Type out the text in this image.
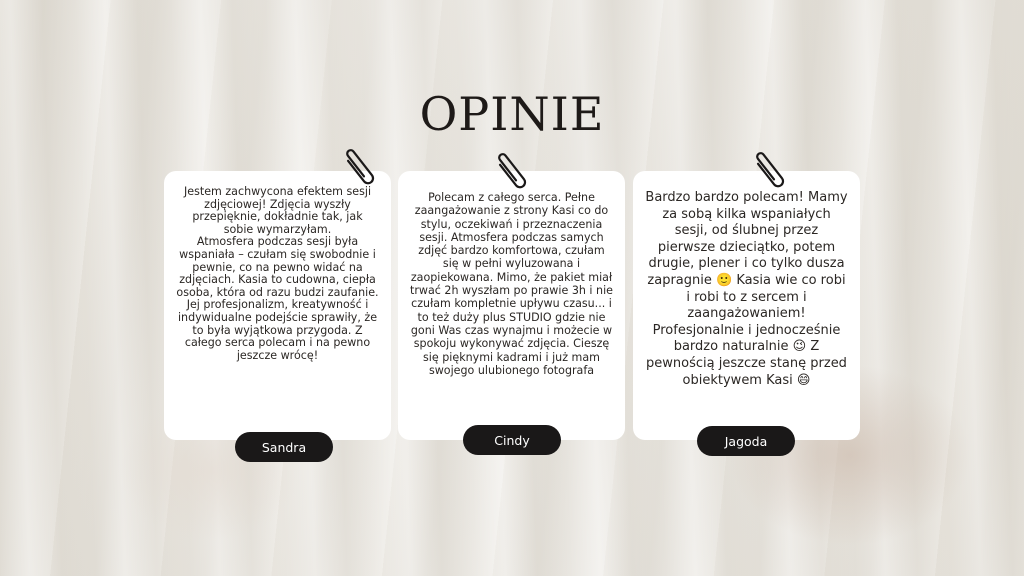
OPINIE

Jestem zachwycona efektem sesji zdjęciowej! Zdjęcia wyszły przepięknie, dokładnie tak, jak sobie wymarzyłam.

Atmosfera podczas sesji była wspaniała – czułam się swobodnie i pewnie, co na pewno widać na zdjęciach. Kasia to cudowna, ciepła osoba, która od razu budzi zaufanie.

Jej profesjonalizm, kreatywność i indywidualne podejście sprawiły, że to była wyjątkowa przygoda. Z całego serca polecam i na pewno jeszcze wrócę!

Sandra

Polecam z całego serca. Pełne zaangażowanie z strony Kasi co do stylu, oczekiwań i przeznaczenia sesji. Atmosfera podczas samych zdjęć bardzo komfortowa, czułam się w pełni wyluzowana i zaopiekowana. Mimo, że pakiet miał trwać 2h wyszłam po prawie 3h i nie czułam kompletnie upływu czasu... i to też duży plus STUDIO gdzie nie goni Was czas wynajmu i możecie w spokoju wykonywać zdjęcia. Cieszę się pięknymi kadrami i już mam swojego ulubionego fotografa

Cindy

Bardzo bardzo polecam! Mamy za sobą kilka wspaniałych sesji, od ślubnej przez pierwsze dzieciątko, potem drugie, plener i co tylko dusza zapragnie 🙂 Kasia wie co robi i robi to z sercem i zaangażowaniem! Profesjonalnie i jednocześnie bardzo naturalnie 😉 Z pewnością jeszcze stanę przed obiektywem Kasi 😄

Jagoda
